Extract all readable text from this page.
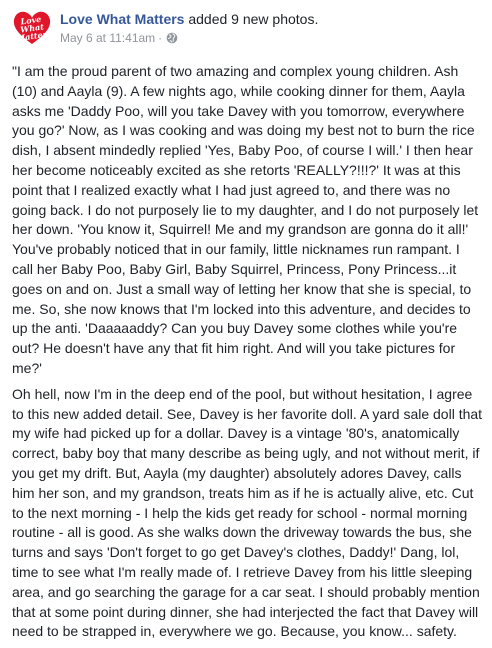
Love What Matters
Love What Matters added 9 new photos.
May 6 at 11:41am ·

"I am the proud parent of two amazing and complex young children. Ash (10) and Aayla (9). A few nights ago, while cooking dinner for them, Aayla asks me 'Daddy Poo, will you take Davey with you tomorrow, everywhere you go?' Now, as I was cooking and was doing my best not to burn the rice dish, I absent mindedly replied 'Yes, Baby Poo, of course I will.' I then hear her become noticeably excited as she retorts 'REALLY?!!!?' It was at this point that I realized exactly what I had just agreed to, and there was no going back. I do not purposely lie to my daughter, and I do not purposely let her down. 'You know it, Squirrel! Me and my grandson are gonna do it all!' You've probably noticed that in our family, little nicknames run rampant. I call her Baby Poo, Baby Girl, Baby Squirrel, Princess, Pony Princess...it goes on and on. Just a small way of letting her know that she is special, to me. So, she now knows that I'm locked into this adventure, and decides to up the anti. 'Daaaaaddy? Can you buy Davey some clothes while you're out? He doesn't have any that fit him right. And will you take pictures for me?'

Oh hell, now I'm in the deep end of the pool, but without hesitation, I agree to this new added detail. See, Davey is her favorite doll. A yard sale doll that my wife had picked up for a dollar. Davey is a vintage '80's, anatomically correct, baby boy that many describe as being ugly, and not without merit, if you get my drift. But, Aayla (my daughter) absolutely adores Davey, calls him her son, and my grandson, treats him as if he is actually alive, etc. Cut to the next morning - I help the kids get ready for school - normal morning routine - all is good. As she walks down the driveway towards the bus, she turns and says 'Don't forget to go get Davey's clothes, Daddy!' Dang, lol, time to see what I'm really made of. I retrieve Davey from his little sleeping area, and go searching the garage for a car seat. I should probably mention that at some point during dinner, she had interjected the fact that Davey will need to be strapped in, everywhere we go. Because, you know... safety.
